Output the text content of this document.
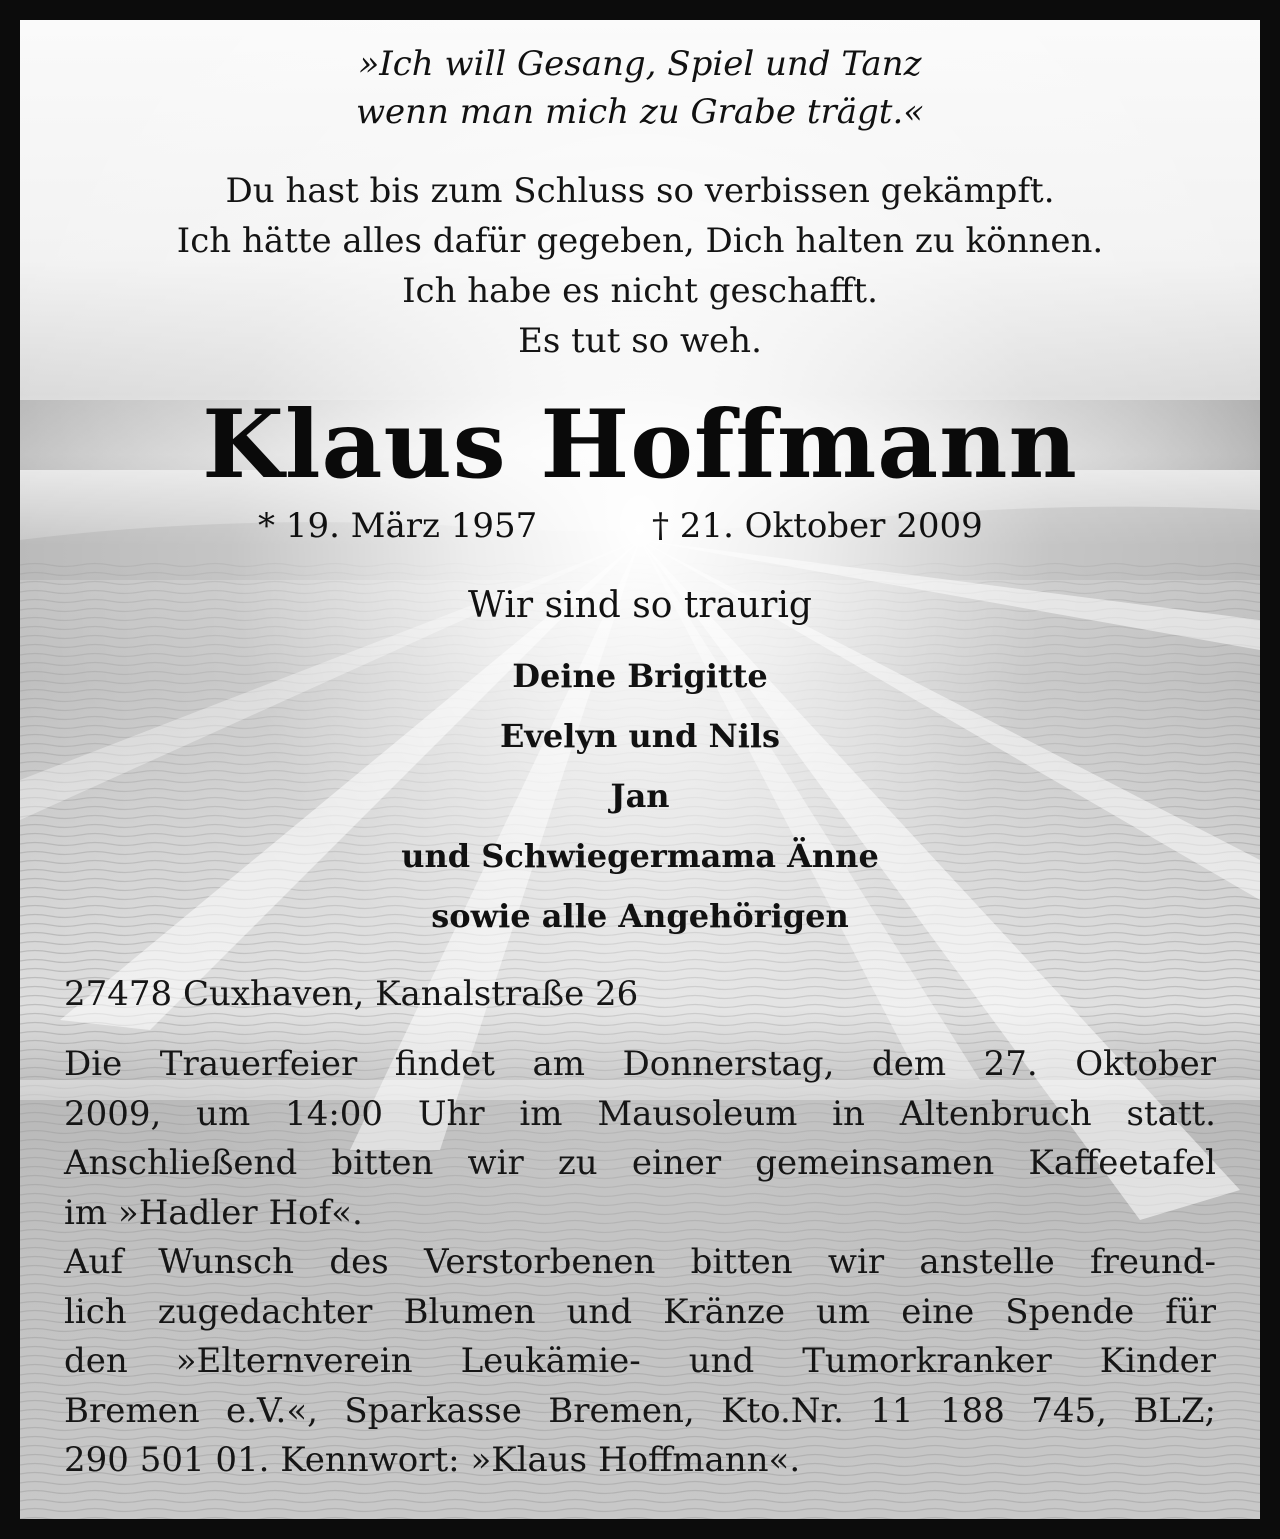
»Ich will Gesang, Spiel und Tanz
wenn man mich zu Grabe trägt.«
Du hast bis zum Schluss so verbissen gekämpft.
Ich hätte alles dafür gegeben, Dich halten zu können.
Ich habe es nicht geschafft.
Es tut so weh.
Klaus Hoffmann
* 19. März 1957	† 21. Oktober 2009
Wir sind so traurig
Deine Brigitte
Evelyn und Nils
Jan
und Schwiegermama Änne
sowie alle Angehörigen
27478 Cuxhaven, Kanalstraße 26
Die Trauerfeier findet am Donnerstag, dem 27. Oktober
2009, um 14:00 Uhr im Mausoleum in Altenbruch statt.
Anschließend bitten wir zu einer gemeinsamen Kaffeetafel
im »Hadler Hof«.
Auf Wunsch des Verstorbenen bitten wir anstelle freund-
lich zugedachter Blumen und Kränze um eine Spende für
den »Elternverein Leukämie- und Tumorkranker Kinder
Bremen e.V.«, Sparkasse Bremen, Kto.Nr. 11 188 745, BLZ;
290 501 01. Kennwort: »Klaus Hoffmann«.
